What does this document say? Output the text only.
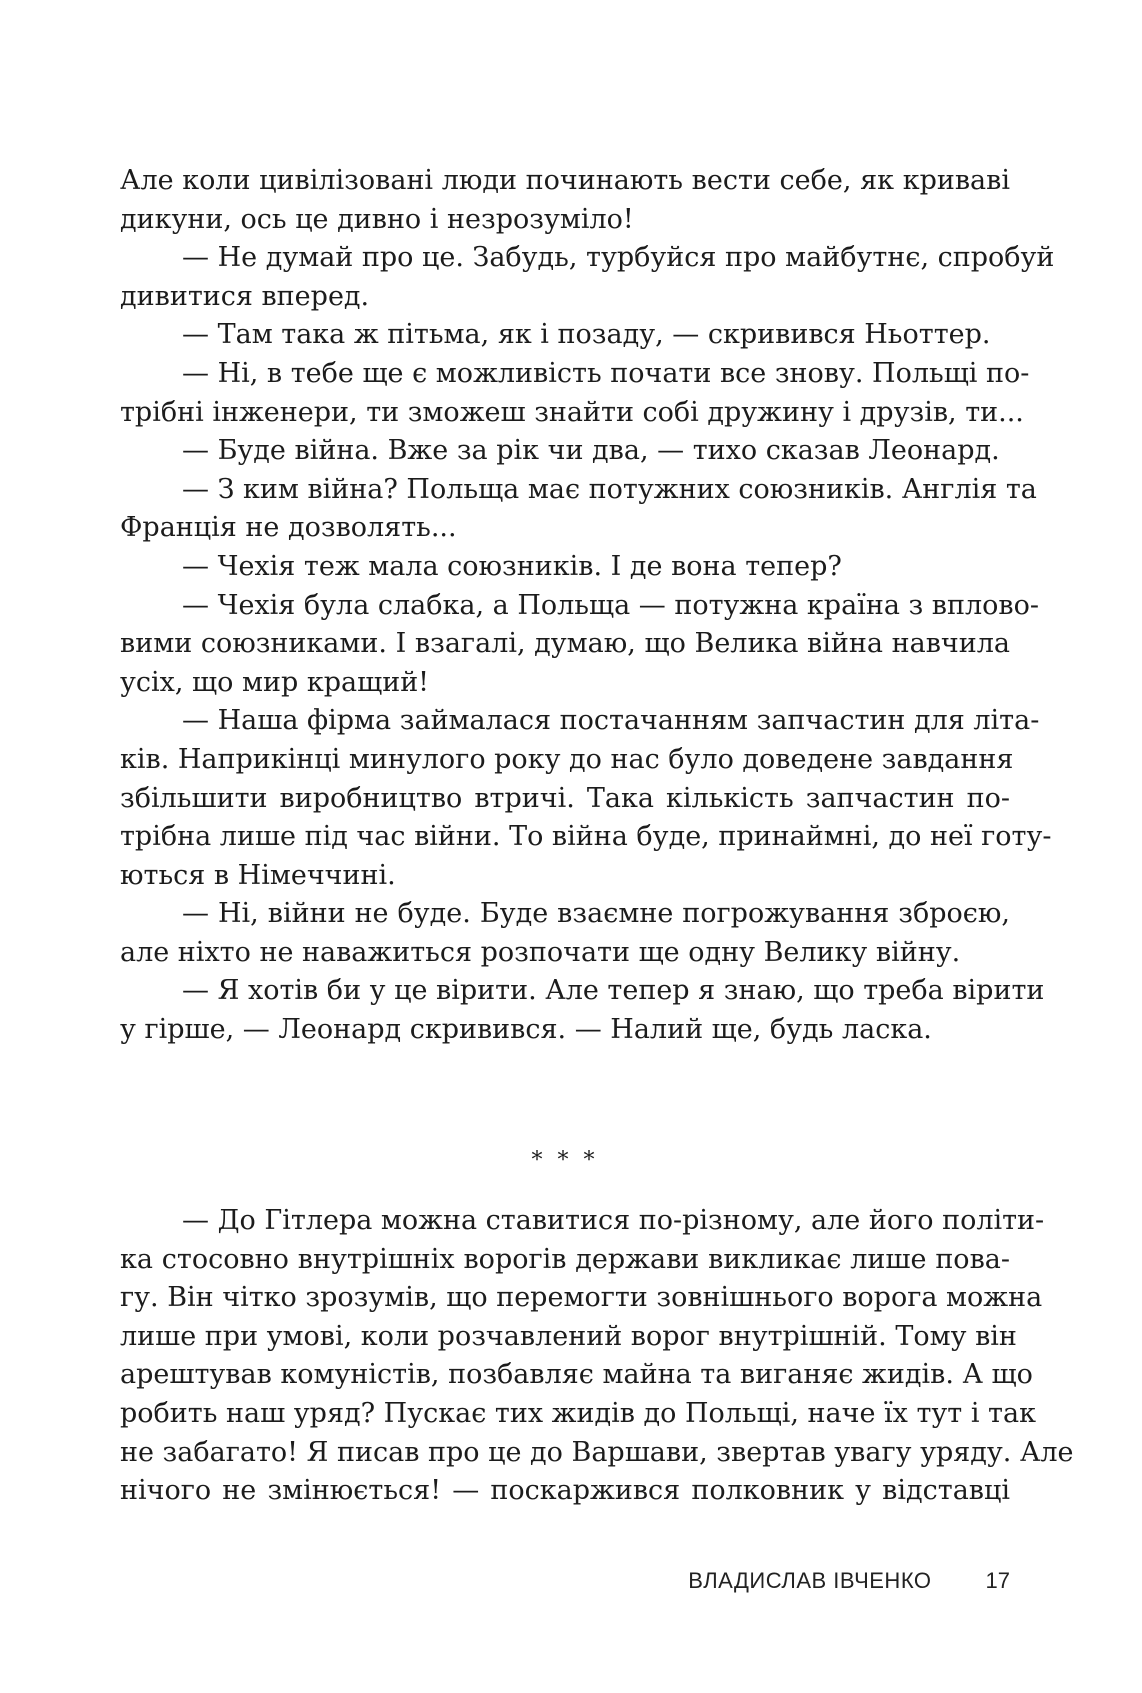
Але коли цивілізовані люди починають вести себе, як криваві
дикуни, ось це дивно і незрозуміло!
— Не думай про це. Забудь, турбуйся про майбутнє, спробуй
дивитися вперед.
— Там така ж пітьма, як і позаду, — скривився Ньоттер.
— Ні, в тебе ще є можливість почати все знову. Польщі по-
трібні інженери, ти зможеш знайти собі дружину і друзів, ти...
— Буде війна. Вже за рік чи два, — тихо сказав Леонард.
— З ким війна? Польща має потужних союзників. Англія та
Франція не дозволять...
— Чехія теж мала союзників. І де вона тепер?
— Чехія була слабка, а Польща — потужна країна з вплово-
вими союзниками. І взагалі, думаю, що Велика війна навчила
усіх, що мир кращий!
— Наша фірма займалася постачанням запчастин для літа-
ків. Наприкінці минулого року до нас було доведене завдання
збільшити виробництво втричі. Така кількість запчастин по-
трібна лише під час війни. То війна буде, принаймні, до неї готу-
ються в Німеччині.
— Ні, війни не буде. Буде взаємне погрожування зброєю,
але ніхто не наважиться розпочати ще одну Велику війну.
— Я хотів би у це вірити. Але тепер я знаю, що треба вірити
у гірше, — Леонард скривився. — Налий ще, будь ласка.
* * *
— До Гітлера можна ставитися по-різному, але його політи-
ка стосовно внутрішніх ворогів держави викликає лише пова-
гу. Він чітко зрозумів, що перемогти зовнішнього ворога можна
лише при умові, коли розчавлений ворог внутрішній. Тому він
арештував комуністів, позбавляє майна та виганяє жидів. А що
робить наш уряд? Пускає тих жидів до Польщі, наче їх тут і так
не забагато! Я писав про це до Варшави, звертав увагу уряду. Але
нічого не змінюється! — поскаржився полковник у відставці
ВЛАДИСЛАВ ІВЧЕНКО 17
